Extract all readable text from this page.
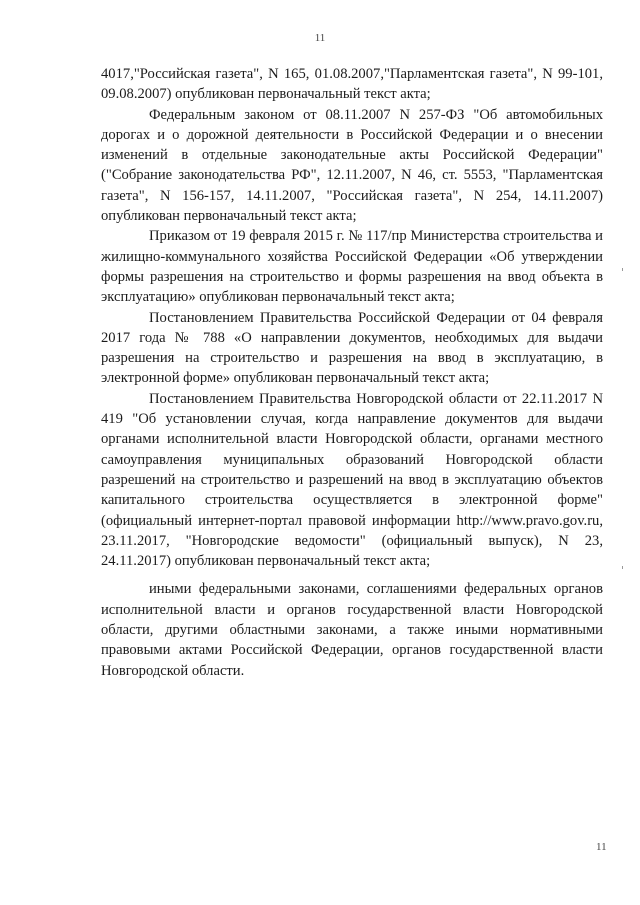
11

4017,"Российская газета", N 165, 01.08.2007,"Парламентская газета", N 99-101, 09.08.2007) опубликован первоначальный текст акта;

Федеральным законом от 08.11.2007 N 257-ФЗ "Об автомобильных дорогах и о дорожной деятельности в Российской Федерации и о внесении изменений в отдельные законодательные акты Российской Федерации" ("Собрание законодательства РФ", 12.11.2007, N 46, ст. 5553, "Парламентская газета", N 156-157, 14.11.2007, "Российская газета", N 254, 14.11.2007) опубликован первоначальный текст акта;

Приказом от 19 февраля 2015 г. № 117/пр Министерства строительства и жилищно-коммунального хозяйства Российской Федерации «Об утверждении формы разрешения на строительство и формы разрешения на ввод объекта в эксплуатацию» опубликован первоначальный текст акта;

Постановлением Правительства Российской Федерации от 04 февраля 2017 года № 788 «О направлении документов, необходимых для выдачи разрешения на строительство и разрешения на ввод в эксплуатацию, в электронной форме» опубликован первоначальный текст акта;

Постановлением Правительства Новгородской области от 22.11.2017 N 419 "Об установлении случая, когда направление документов для выдачи органами исполнительной власти Новгородской области, органами местного самоуправления муниципальных образований Новгородской области разрешений на строительство и разрешений на ввод в эксплуатацию объектов капитального строительства осуществляется в электронной форме" (официальный интернет-портал правовой информации http://www.pravo.gov.ru, 23.11.2017, "Новгородские ведомости" (официальный выпуск), N 23, 24.11.2017) опубликован первоначальный текст акта;

иными федеральными законами, соглашениями федеральных органов исполнительной власти и органов государственной власти Новгородской области, другими областными законами, а также иными нормативными правовыми актами Российской Федерации, органов государственной власти Новгородской области.

11
